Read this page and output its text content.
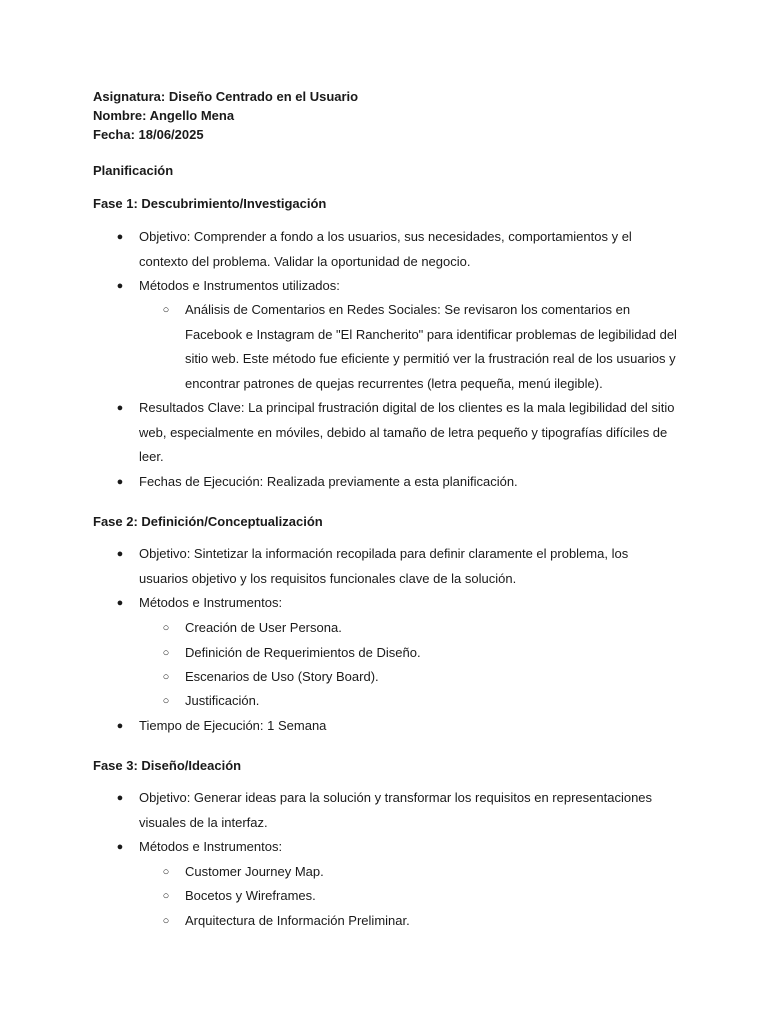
Asignatura: Diseño Centrado en el Usuario
Nombre: Angello Mena
Fecha: 18/06/2025
Planificación
Fase 1: Descubrimiento/Investigación
● Objetivo: Comprender a fondo a los usuarios, sus necesidades, comportamientos y el contexto del problema. Validar la oportunidad de negocio.
● Métodos e Instrumentos utilizados:
○ Análisis de Comentarios en Redes Sociales: Se revisaron los comentarios en Facebook e Instagram de "El Rancherito" para identificar problemas de legibilidad del sitio web. Este método fue eficiente y permitió ver la frustración real de los usuarios y encontrar patrones de quejas recurrentes (letra pequeña, menú ilegible).
● Resultados Clave: La principal frustración digital de los clientes es la mala legibilidad del sitio web, especialmente en móviles, debido al tamaño de letra pequeño y tipografías difíciles de leer.
● Fechas de Ejecución: Realizada previamente a esta planificación.
Fase 2: Definición/Conceptualización
● Objetivo: Sintetizar la información recopilada para definir claramente el problema, los usuarios objetivo y los requisitos funcionales clave de la solución.
● Métodos e Instrumentos:
○ Creación de User Persona.
○ Definición de Requerimientos de Diseño.
○ Escenarios de Uso (Story Board).
○ Justificación.
● Tiempo de Ejecución: 1 Semana
Fase 3: Diseño/Ideación
● Objetivo: Generar ideas para la solución y transformar los requisitos en representaciones visuales de la interfaz.
● Métodos e Instrumentos:
○ Customer Journey Map.
○ Bocetos y Wireframes.
○ Arquitectura de Información Preliminar.
